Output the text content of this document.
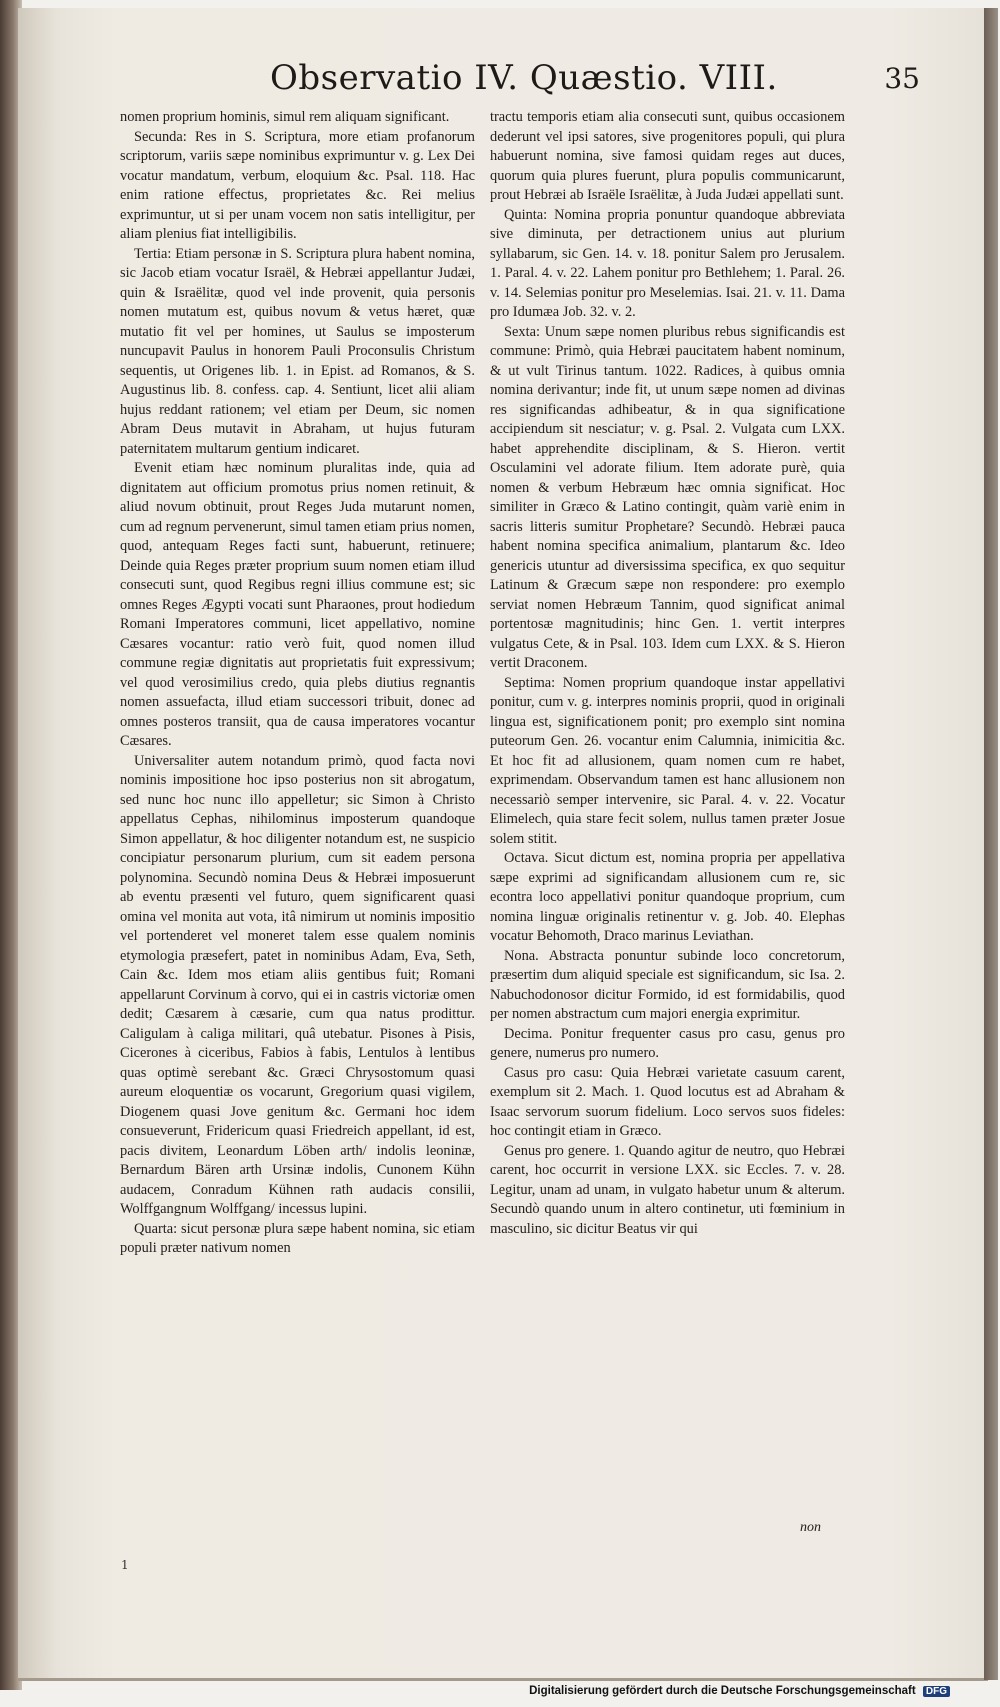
Observatio IV. Quæstio. VIII.	35

nomen proprium hominis, simul rem aliquam significant.

Secunda: Res in S. Scriptura, more etiam profanorum scriptorum, variis sæpe nominibus exprimuntur v. g. Lex Dei vocatur mandatum, verbum, eloquium &c. Psal. 118. Hac enim ratione effectus, proprietates &c. Rei melius exprimuntur, ut si per unam vocem non satis intelligitur, per aliam plenius fiat intelligibilis.

Tertia: Etiam personæ in S. Scriptura plura habent nomina, sic Jacob etiam vocatur Israël, & Hebræi appellantur Judæi, quin & Israëlitæ, quod vel inde provenit, quia personis nomen mutatum est, quibus novum & vetus hæret, quæ mutatio fit vel per homines, ut Saulus se imposterum nuncupavit Paulus in honorem Pauli Proconsulis Christum sequentis, ut Origenes lib. 1. in Epist. ad Romanos, & S. Augustinus lib. 8. confess. cap. 4. Sentiunt, licet alii aliam hujus reddant rationem; vel etiam per Deum, sic nomen Abram Deus mutavit in Abraham, ut hujus futuram paternitatem multarum gentium indicaret.

Evenit etiam hæc nominum pluralitas inde, quia ad dignitatem aut officium promotus prius nomen retinuit, & aliud novum obtinuit, prout Reges Juda mutarunt nomen, cum ad regnum pervenerunt, simul tamen etiam prius nomen, quod, antequam Reges facti sunt, habuerunt, retinuere; Deinde quia Reges præter proprium suum nomen etiam illud consecuti sunt, quod Regibus regni illius commune est; sic omnes Reges Ægypti vocati sunt Pharaones, prout hodiedum Romani Imperatores communi, licet appellativo, nomine Cæsares vocantur: ratio verò fuit, quod nomen illud commune regiæ dignitatis aut proprietatis fuit expressivum; vel quod verosimilius credo, quia plebs diutius regnantis nomen assuefacta, illud etiam successori tribuit, donec ad omnes posteros transiit, qua de causa imperatores vocantur Cæsares.

Universaliter autem notandum primò, quod facta novi nominis impositione hoc ipso posterius non sit abrogatum, sed nunc hoc nunc illo appelletur; sic Simon à Christo appellatus Cephas, nihilominus imposterum quandoque Simon appellatur, & hoc diligenter notandum est, ne suspicio concipiatur personarum plurium, cum sit eadem persona polynomina. Secundò nomina Deus & Hebræi imposuerunt ab eventu præsenti vel futuro, quem significarent quasi omina vel monita aut vota, itâ nimirum ut nominis impositio vel portenderet vel moneret talem esse qualem nominis etymologia præsefert, patet in nominibus Adam, Eva, Seth, Cain &c. Idem mos etiam aliis gentibus fuit; Romani appellarunt Corvinum à corvo, qui ei in castris victoriæ omen dedit; Cæsarem à cæsarie, cum qua natus prodittur. Caligulam à caliga militari, quâ utebatur. Pisones à Pisis, Cicerones à ciceribus, Fabios à fabis, Lentulos à lentibus quas optimè serebant &c. Græci Chrysostomum quasi aureum eloquentiæ os vocarunt, Gregorium quasi vigilem, Diogenem quasi Jove genitum &c. Germani hoc idem consueverunt, Fridericum quasi Friedreich appellant, id est, pacis divitem, Leonardum Löben arth/ indolis leoninæ, Bernardum Bären arth Ursinæ indolis, Cunonem Kühn audacem, Conradum Kühnen rath audacis consilii, Wolffgangnum Wolffgang/ incessus lupini.

Quarta: sicut personæ plura sæpe habent nomina, sic etiam populi præter nativum nomen

tractu temporis etiam alia consecuti sunt, quibus occasionem dederunt vel ipsi satores, sive progenitores populi, qui plura habuerunt nomina, sive famosi quidam reges aut duces, quorum quia plures fuerunt, plura populis communicarunt, prout Hebræi ab Israële Israëlitæ, à Juda Judæi appellati sunt.

Quinta: Nomina propria ponuntur quandoque abbreviata sive diminuta, per detractionem unius aut plurium syllabarum, sic Gen. 14. v. 18. ponitur Salem pro Jerusalem. 1. Paral. 4. v. 22. Lahem ponitur pro Bethlehem; 1. Paral. 26. v. 14. Selemias ponitur pro Meselemias. Isai. 21. v. 11. Dama pro Idumæa Job. 32. v. 2.

Sexta: Unum sæpe nomen pluribus rebus significandis est commune: Primò, quia Hebræi paucitatem habent nominum, & ut vult Tirinus tantum. 1022. Radices, à quibus omnia nomina derivantur; inde fit, ut unum sæpe nomen ad divinas res significandas adhibeatur, & in qua significatione accipiendum sit nesciatur; v. g. Psal. 2. Vulgata cum LXX. habet apprehendite disciplinam, & S. Hieron. vertit Osculamini vel adorate filium. Item adorate purè, quia nomen & verbum Hebræum hæc omnia significat. Hoc similiter in Græco & Latino contingit, quàm variè enim in sacris litteris sumitur Prophetare? Secundò. Hebræi pauca habent nomina specifica animalium, plantarum &c. Ideo genericis utuntur ad diversissima specifica, ex quo sequitur Latinum & Græcum sæpe non respondere: pro exemplo serviat nomen Hebræum Tannim, quod significat animal portentosæ magnitudinis; hinc Gen. 1. vertit interpres vulgatus Cete, & in Psal. 103. Idem cum LXX. & S. Hieron vertit Draconem.

Septima: Nomen proprium quandoque instar appellativi ponitur, cum v. g. interpres nominis proprii, quod in originali lingua est, significationem ponit; pro exemplo sint nomina puteorum Gen. 26. vocantur enim Calumnia, inimicitia &c. Et hoc fit ad allusionem, quam nomen cum re habet, exprimendam. Observandum tamen est hanc allusionem non necessariò semper intervenire, sic Paral. 4. v. 22. Vocatur Elimelech, quia stare fecit solem, nullus tamen præter Josue solem stitit.

Octava. Sicut dictum est, nomina propria per appellativa sæpe exprimi ad significandam allusionem cum re, sic econtra loco appellativi ponitur quandoque proprium, cum nomina linguæ originalis retinentur v. g. Job. 40. Elephas vocatur Behomoth, Draco marinus Leviathan.

Nona. Abstracta ponuntur subinde loco concretorum, præsertim dum aliquid speciale est significandum, sic Isa. 2. Nabuchodonosor dicitur Formido, id est formidabilis, quod per nomen abstractum cum majori energia exprimitur.

Decima. Ponitur frequenter casus pro casu, genus pro genere, numerus pro numero.

Casus pro casu: Quia Hebræi varietate casuum carent, exemplum sit 2. Mach. 1. Quod locutus est ad Abraham & Isaac servorum suorum fidelium. Loco servos suos fideles: hoc contingit etiam in Græco.

Genus pro genere. 1. Quando agitur de neutro, quo Hebræi carent, hoc occurrit in versione LXX. sic Eccles. 7. v. 28. Legitur, unam ad unam, in vulgato habetur unum & alterum. Secundò quando unum in altero continetur, uti fœminium in masculino, sic dicitur Beatus vir qui

non
1
Digitalisierung gefördert durch die Deutsche Forschungsgemeinschaft DFG
